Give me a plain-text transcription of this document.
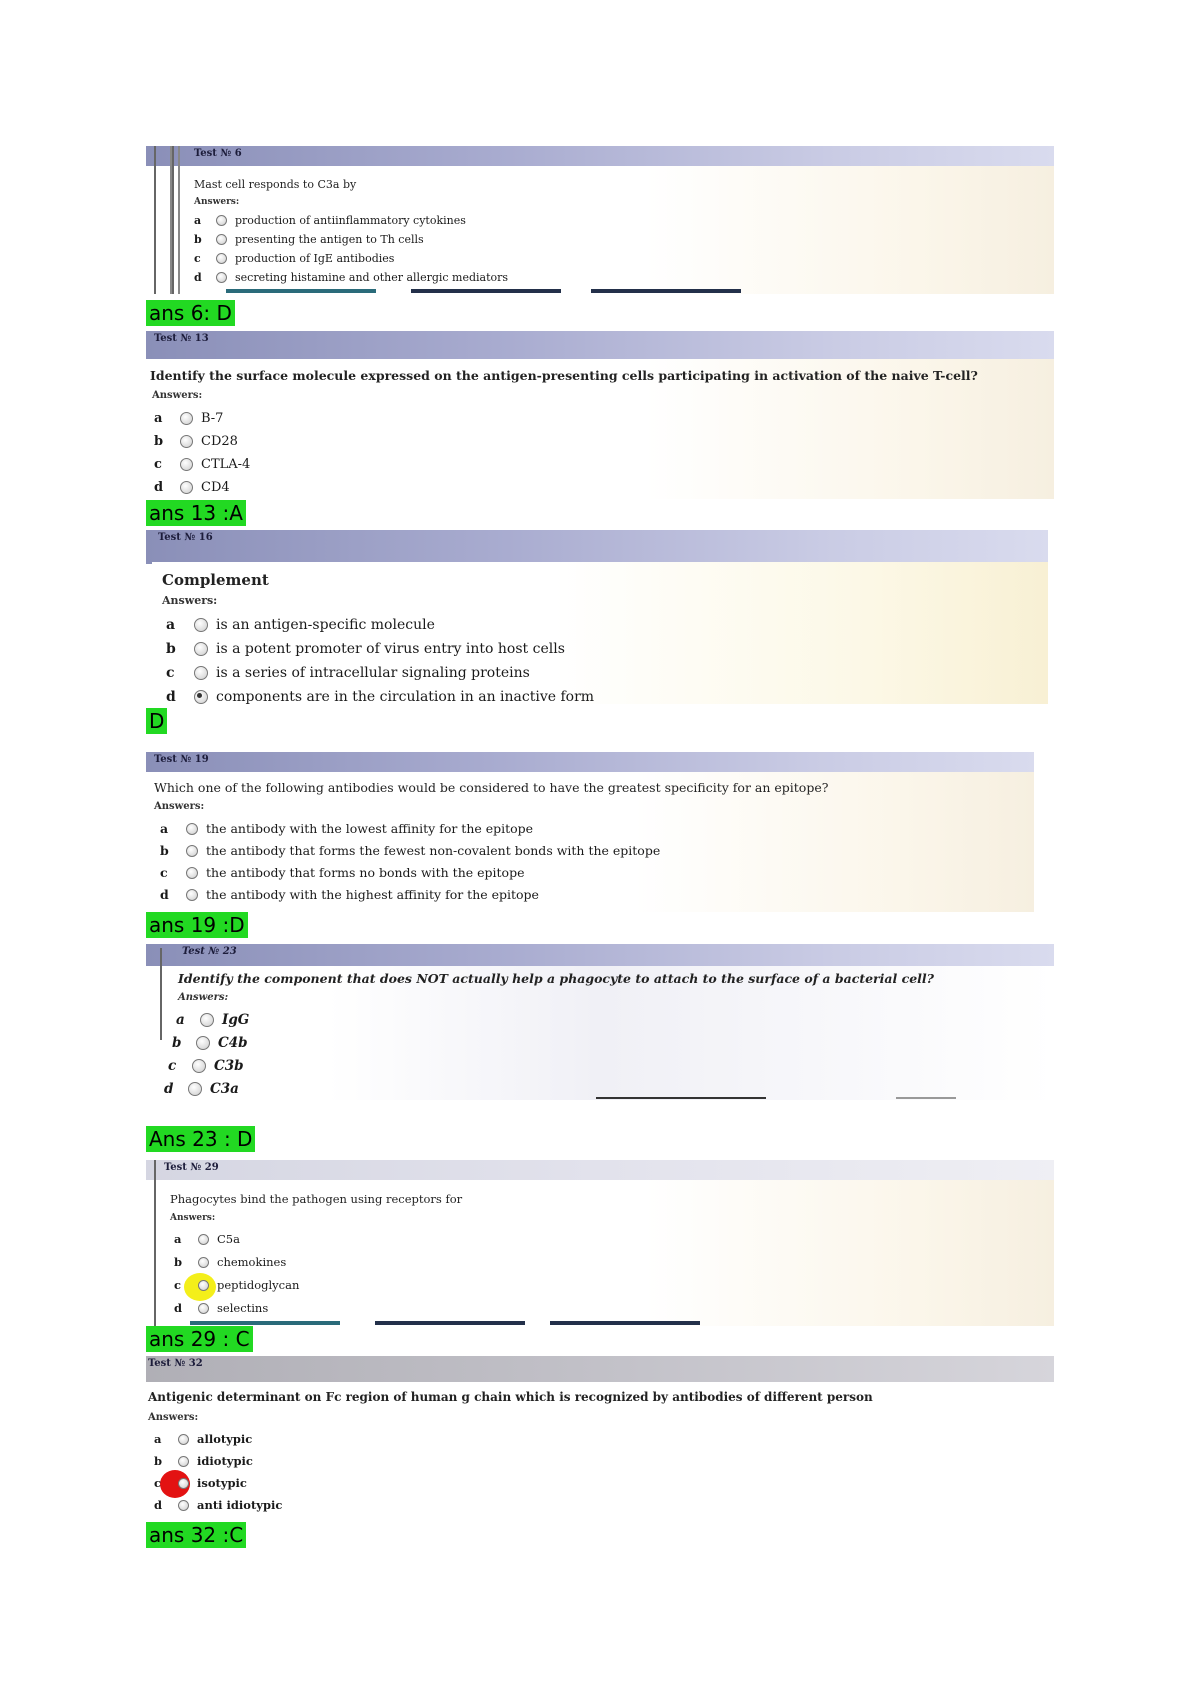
Test № 6
Mast cell responds to C3a by
Answers:
a	production of antiinflammatory cytokines
b	presenting the antigen to Th cells
c	production of IgE antibodies
d	secreting histamine and other allergic mediators
ans 6: D
Test № 13
Identify the surface molecule expressed on the antigen-presenting cells participating in activation of the naive T-cell?
Answers:
a	B-7
b	CD28
c	CTLA-4
d	CD4
ans 13 :A
Test № 16
Complement
Answers:
a	is an antigen-specific molecule
b	is a potent promoter of virus entry into host cells
c	is a series of intracellular signaling proteins
d	components are in the circulation in an inactive form
D
Test № 19
Which one of the following antibodies would be considered to have the greatest specificity for an epitope?
Answers:
a	the antibody with the lowest affinity for the epitope
b	the antibody that forms the fewest non-covalent bonds with the epitope
c	the antibody that forms no bonds with the epitope
d	the antibody with the highest affinity for the epitope
ans 19 :D
Test № 23
Identify the component that does NOT actually help a phagocyte to attach to the surface of a bacterial cell?
Answers:
a	IgG
b	C4b
c	C3b
d	C3a
Ans 23 : D
Test № 29
Phagocytes bind the pathogen using receptors for
Answers:
a	C5a
b	chemokines
c	peptidoglycan
d	selectins
ans 29 : C
Test № 32
Antigenic determinant on Fc region of human g chain which is recognized by antibodies of different person
Answers:
a	allotypic
b	idiotypic
c	isotypic
d	anti idiotypic
ans 32 :C
